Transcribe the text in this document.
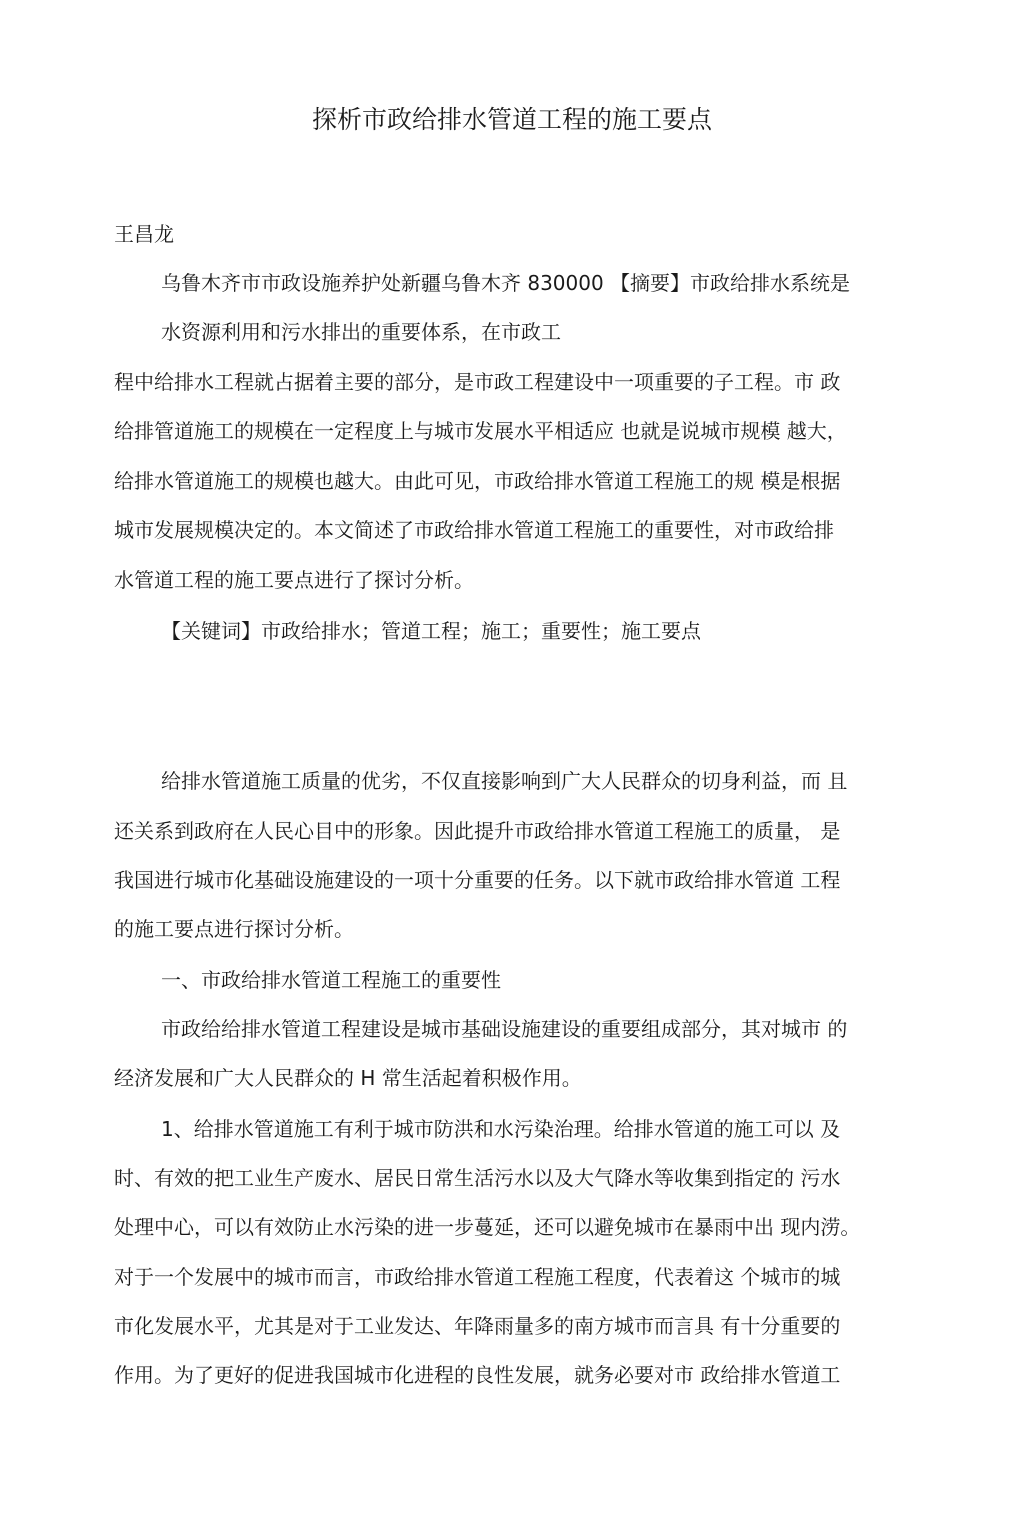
探析市政给排水管道工程的施工要点
王昌龙
乌鲁木齐市市政设施养护处新疆乌鲁木齐 830000 【摘要】市政给排水系统是
水资源利用和污水排出的重要体系，在市政工
程中给排水工程就占据着主要的部分，是市政工程建设中一项重要的子工程。市 政
给排管道施工的规模在一定程度上与城市发展水平相适应 也就是说城市规模 越大，
给排水管道施工的规模也越大。由此可见，市政给排水管道工程施工的规 模是根据
城市发展规模决定的。本文简述了市政给排水管道工程施工的重要性，对市政给排
水管道工程的施工要点进行了探讨分析。
【关键词】市政给排水；管道工程；施工；重要性；施工要点
给排水管道施工质量的优劣，不仅直接影响到广大人民群众的切身利益，而 且
还关系到政府在人民心目中的形象。因此提升市政给排水管道工程施工的质量， 是
我国进行城市化基础设施建设的一项十分重要的任务。以下就市政给排水管道 工程
的施工要点进行探讨分析。
一、市政给排水管道工程施工的重要性
市政给给排水管道工程建设是城市基础设施建设的重要组成部分，其对城市 的
经济发展和广大人民群众的 H 常生活起着积极作用。
1、给排水管道施工有利于城市防洪和水污染治理。给排水管道的施工可以 及
时、有效的把工业生产废水、居民日常生活污水以及大气降水等收集到指定的 污水
处理中心，可以有效防止水污染的进一步蔓延，还可以避免城市在暴雨中出 现内涝。
对于一个发展中的城市而言，市政给排水管道工程施工程度，代表着这 个城市的城
市化发展水平，尤其是对于工业发达、年降雨量多的南方城市而言具 有十分重要的
作用。为了更好的促进我国城市化进程的良性发展，就务必要对市 政给排水管道工
